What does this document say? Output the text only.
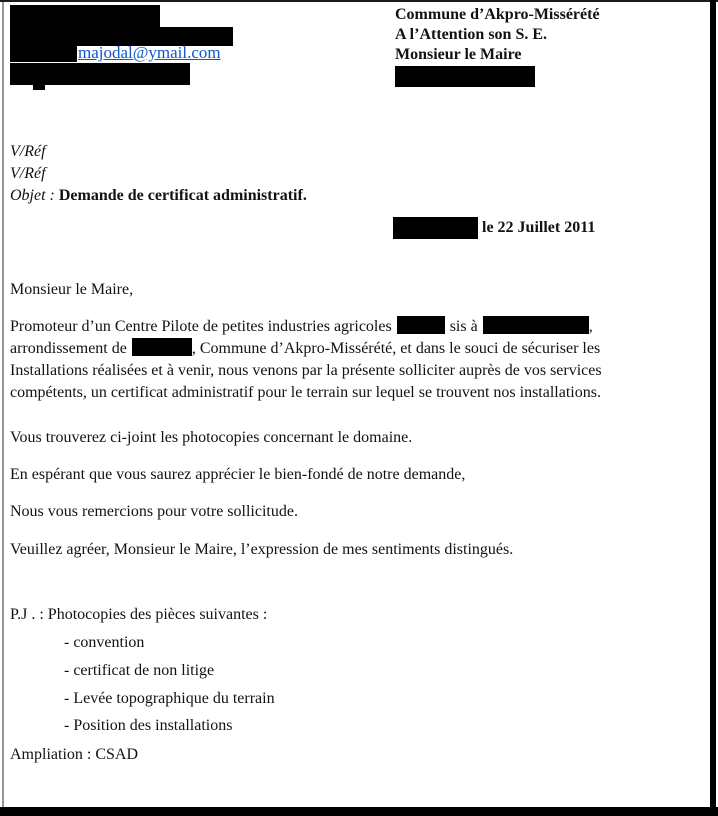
majodal@ymail.com
Commune d’Akpro-Missérété
A l’Attention son S. E.
Monsieur le Maire
V/Réf
V/Réf
Objet : Demande de certificat administratif.
le 22 Juillet 2011
Monsieur le Maire,
Promoteur d’un Centre Pilote de petites industries agricoles	sis à	,
arrondissement de	, Commune d’Akpro-Missérété, et dans le souci de sécuriser les
Installations réalisées et à venir, nous venons par la présente solliciter auprès de vos services
compétents, un certificat administratif pour le terrain sur lequel se trouvent nos installations.
Vous trouverez ci-joint les photocopies concernant le domaine.
En espérant que vous saurez apprécier le bien-fondé de notre demande,
Nous vous remercions pour votre sollicitude.
Veuillez agréer, Monsieur le Maire, l’expression de mes sentiments distingués.
P.J . : Photocopies des pièces suivantes :
- convention
- certificat de non litige
- Levée topographique du terrain
- Position des installations
Ampliation : CSAD
